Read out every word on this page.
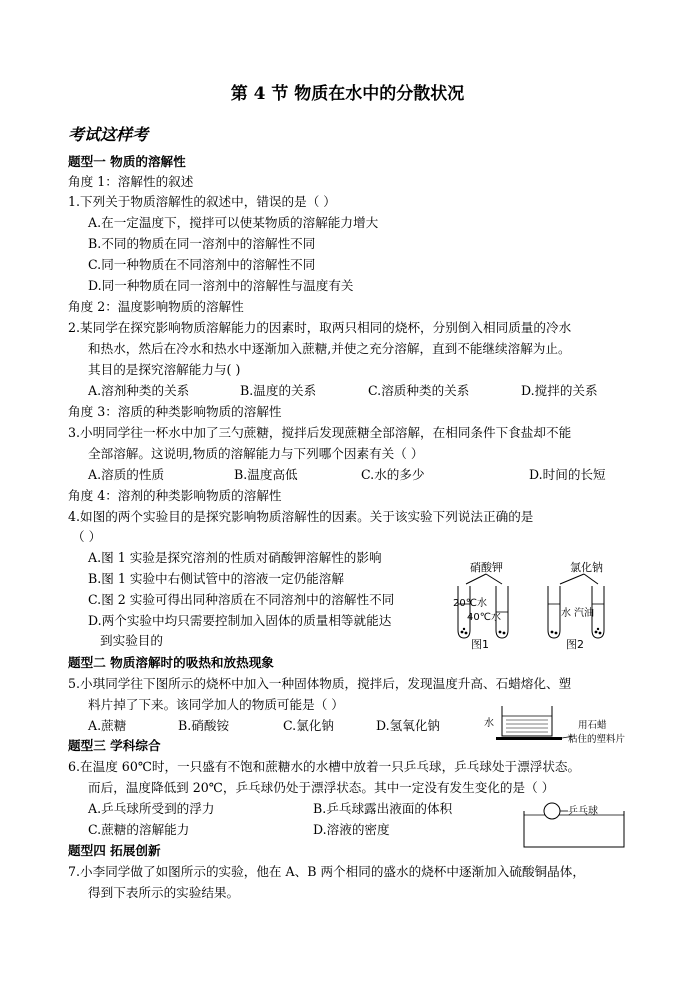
第 4 节 物质在水中的分散状况
考试这样考
题型一 物质的溶解性
角度 1：溶解性的叙述
1.下列关于物质溶解性的叙述中，错误的是（ ）
A.在一定温度下，搅拌可以使某物质的溶解能力增大
B.不同的物质在同一溶剂中的溶解性不同
C.同一种物质在不同溶剂中的溶解性不同
D.同一种物质在同一溶剂中的溶解性与温度有关
角度 2：温度影响物质的溶解性
2.某同学在探究影响物质溶解能力的因素时，取两只相同的烧杯，分别倒入相同质量的冷水
和热水，然后在冷水和热水中逐渐加入蔗糖,并使之充分溶解，直到不能继续溶解为止。
其目的是探究溶解能力与( )
A.溶剂种类的关系	B.温度的关系	C.溶质种类的关系	D.搅拌的关系
角度 3：溶质的种类影响物质的溶解性
3.小明同学往一杯水中加了三勺蔗糖，搅拌后发现蔗糖全部溶解，在相同条件下食盐却不能
全部溶解。这说明,物质的溶解能力与下列哪个因素有关（ ）
A.溶质的性质	B.温度高低	C.水的多少	D.时间的长短
角度 4：溶剂的种类影响物质的溶解性
4.如图的两个实验目的是探究影响物质溶解性的因素。关于该实验下列说法正确的是
（ ）
A.图 1 实验是探究溶剂的性质对硝酸钾溶解性的影响
B.图 1 实验中右侧试管中的溶液一定仍能溶解
C.图 2 实验可得出同种溶质在不同溶剂中的溶解性不同
D.两个实验中均只需要控制加入固体的质量相等就能达
到实验目的
硝酸钾	氯化钠
20℃水
40℃水
图1
水 汽油
图2
题型二 物质溶解时的吸热和放热现象
5.小琪同学往下图所示的烧杯中加入一种固体物质，搅拌后，发现温度升高、石蜡熔化、塑
料片掉了下来。该同学加人的物质可能是（ ）
A.蔗糖	B.硝酸铵	C.氯化钠	D.氢氧化钠	水	用石蜡
粘住的塑料片
题型三 学科综合
6.在温度 60℃时，一只盛有不饱和蔗糖水的水槽中放着一只乒乓球，乒乓球处于漂浮状态。
而后，温度降低到 20℃，乒乓球仍处于漂浮状态。其中一定没有发生变化的是（ ）
A.乒乓球所受到的浮力	B.乒乓球露出液面的体积
C.蔗糖的溶解能力	D.溶液的密度
乒乓球
题型四 拓展创新
7.小李同学做了如图所示的实验，他在 A、B 两个相同的盛水的烧杯中逐渐加入硫酸铜晶体，
得到下表所示的实验结果。
